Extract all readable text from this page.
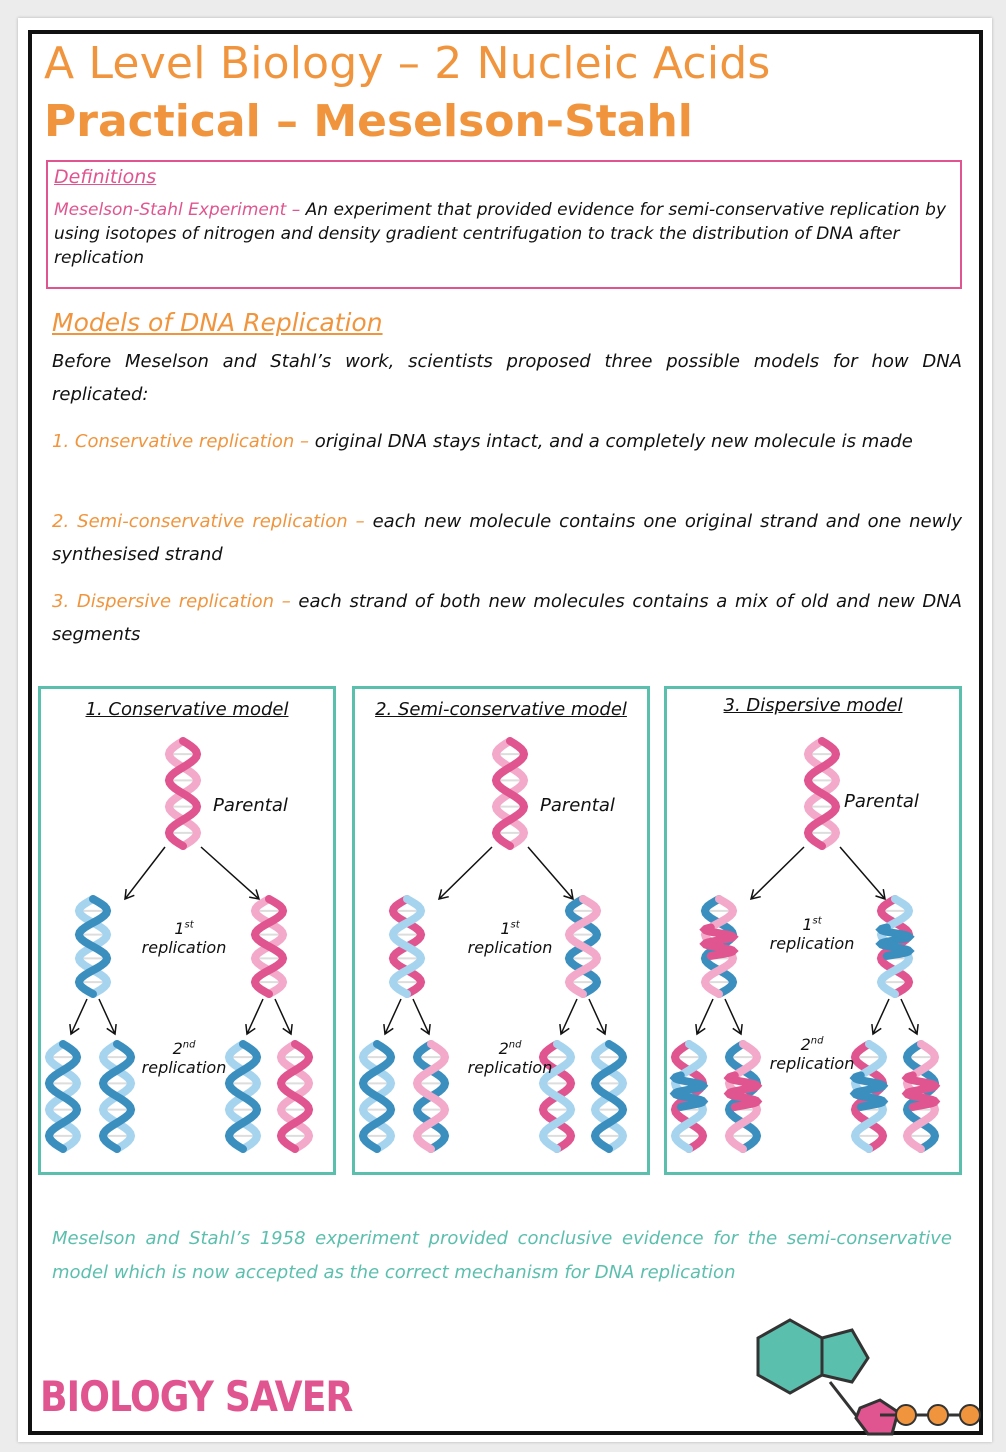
A Level Biology – 2 Nucleic Acids
Practical – Meselson-Stahl
Definitions
Meselson-Stahl Experiment – An experiment that provided evidence for semi-conservative replication by using isotopes of nitrogen and density gradient centrifugation to track the distribution of DNA after replication
Models of DNA Replication
Before Meselson and Stahl’s work, scientists proposed three possible models for how DNA replicated:
1. Conservative replication – original DNA stays intact, and a completely new molecule is made
2. Semi-conservative replication – each new molecule contains one original strand and one newly synthesised strand
3. Dispersive replication – each strand of both new molecules contains a mix of old and new DNA segments
1. Conservative model
Parental
1st
replication
2nd
replication
2. Semi-conservative model
Parental
1st
replication
2nd
replication
3. Dispersive model
Parental
1st
replication
2nd
replication
Meselson and Stahl’s 1958 experiment provided conclusive evidence for the semi-conservative model which is now accepted as the correct mechanism for DNA replication
BIOLOGY SAVER
